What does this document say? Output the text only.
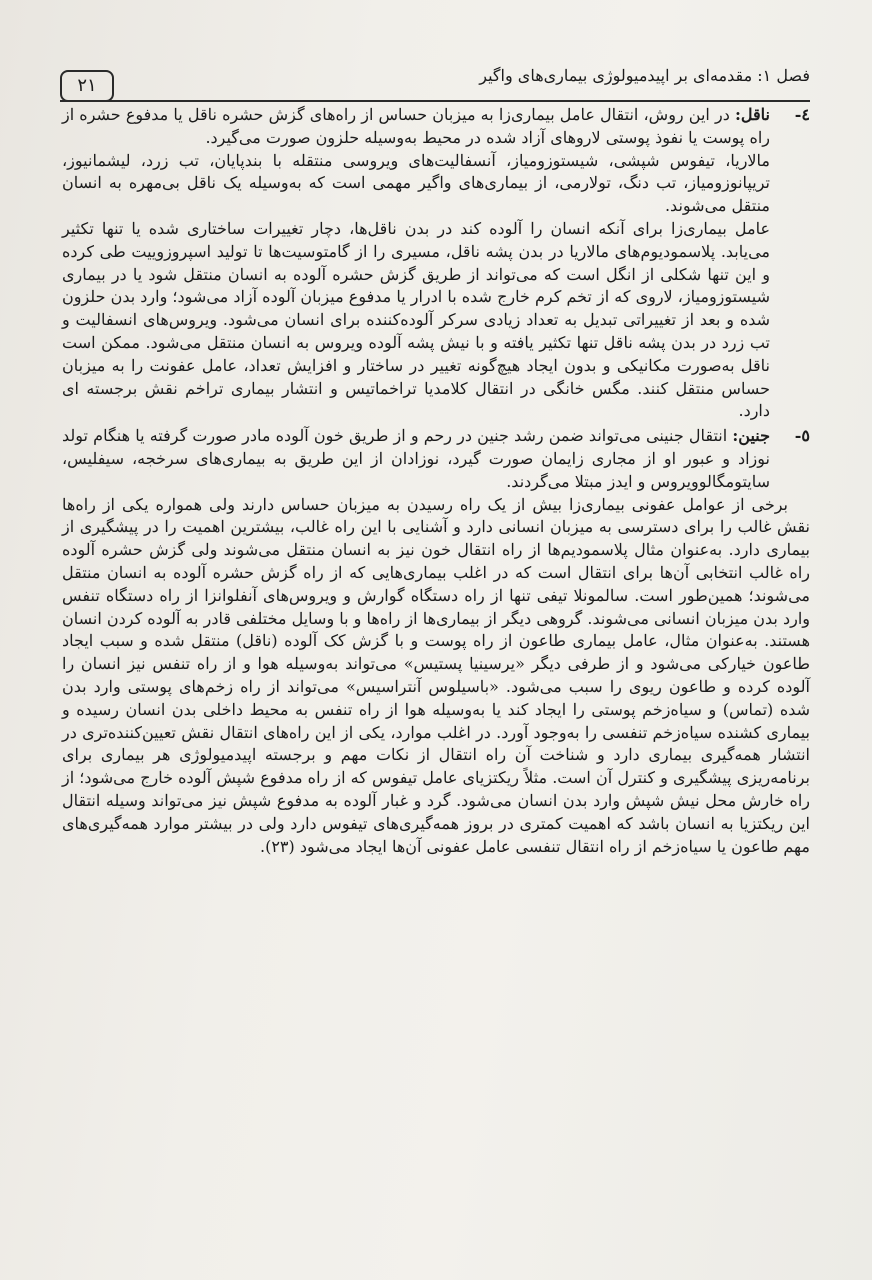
۲۱	فصل ۱: مقدمه‌ای بر اپیدمیولوژی بیماری‌های واگیر
٤-

ناقل: در این روش، انتقال عامل بیماری‌زا به میزبان حساس از راه‌های گزش حشره ناقل یا مدفوع حشره از راه پوست یا نفوذ پوستی لاروهای آزاد شده در محیط به‌وسیله حلزون صورت می‌گیرد.

مالاریا، تیفوس شپشی، شیستوزومیاز، آنسفالیت‌های ویروسی منتقله با بندپایان، تب زرد، لیشمانیوز، تریپانوزومیاز، تب دنگ، تولارمی، از بیماری‌های واگیر مهمی است که به‌وسیله یک ناقل بی‌مهره به انسان منتقل می‌شوند.

عامل بیماری‌زا برای آنکه انسان را آلوده کند در بدن ناقل‌ها، دچار تغییرات ساختاری شده یا تنها تکثیر می‌یابد. پلاسمودیوم‌های مالاریا در بدن پشه ناقل، مسیری را از گامتوسیت‌ها تا تولید اسپروزوییت طی کرده و این تنها شکلی از انگل است که می‌تواند از طریق گزش حشره آلوده به انسان منتقل شود یا در بیماری شیستوزومیاز، لاروی که از تخم کرم خارج شده با ادرار یا مدفوع میزبان آلوده آزاد می‌شود؛ وارد بدن حلزون شده و بعد از تغییراتی تبدیل به تعداد زیادی سرکر آلوده‌کننده برای انسان می‌شود. ویروس‌های انسفالیت و تب زرد در بدن پشه ناقل تنها تکثیر یافته و با نیش پشه آلوده ویروس به انسان منتقل می‌شود. ممکن است ناقل به‌صورت مکانیکی و بدون ایجاد هیچ‌گونه تغییر در ساختار و افزایش تعداد، عامل عفونت را به میزبان حساس منتقل کنند. مگس خانگی در انتقال کلامدیا تراخماتیس و انتشار بیماری تراخم نقش برجسته ای دارد.

٥-

جنین: انتقال جنینی می‌تواند ضمن رشد جنین در رحم و از طریق خون آلوده مادر صورت گرفته یا هنگام تولد نوزاد و عبور او از مجاری زایمان صورت گیرد، نوزادان از این طریق به بیماری‌های سرخجه، سیفلیس، سایتومگالوویروس و ایدز مبتلا می‌گردند.

برخی از عوامل عفونی بیماری‌زا بیش از یک راه رسیدن به میزبان حساس دارند ولی همواره یکی از راه‌ها نقش غالب را برای دسترسی به میزبان انسانی دارد و آشنایی با این راه غالب، بیشترین اهمیت را در پیشگیری از بیماری دارد. به‌عنوان مثال پلاسمودیم‌ها از راه انتقال خون نیز به انسان منتقل می‌شوند ولی گزش حشره آلوده راه غالب انتخابی آن‌ها برای انتقال است که در اغلب بیماری‌هایی که از راه گزش حشره آلوده به انسان منتقل می‌شوند؛ همین‌طور است. سالمونلا تیفی تنها از راه دستگاه گوارش و ویروس‌های آنفلوانزا از راه دستگاه تنفس وارد بدن میزبان انسانی می‌شوند. گروهی دیگر از بیماری‌ها از راه‌ها و با وسایل مختلفی قادر به آلوده کردن انسان هستند. به‌عنوان مثال، عامل بیماری طاعون از راه پوست و با گزش کک آلوده (ناقل) منتقل شده و سبب ایجاد طاعون خیارکی می‌شود و از طرفی دیگر «یرسینیا پستیس» می‌تواند به‌وسیله هوا و از راه تنفس نیز انسان را آلوده کرده و طاعون ریوی را سبب می‌شود. «باسیلوس آنتراسیس» می‌تواند از راه زخم‌های پوستی وارد بدن شده (تماس) و سیاه‌زخم پوستی را ایجاد کند یا به‌وسیله هوا از راه تنفس به محیط داخلی بدن انسان رسیده و بیماری کشنده سیاه‌زخم تنفسی را به‌وجود آورد. در اغلب موارد، یکی از این راه‌های انتقال نقش تعیین‌کننده‌تری در انتشار همه‌گیری بیماری دارد و شناخت آن راه انتقال از نکات مهم و برجسته اپیدمیولوژی هر بیماری برای برنامه‌ریزی پیشگیری و کنترل آن است. مثلاً ریکتزیای عامل تیفوس که از راه مدفوع شپش آلوده خارج می‌شود؛ از راه خارش محل نیش شپش وارد بدن انسان می‌شود. گرد و غبار آلوده به مدفوع شپش نیز می‌تواند وسیله انتقال این ریکتزیا به انسان باشد که اهمیت کمتری در بروز همه‌گیری‌های تیفوس دارد ولی در بیشتر موارد همه‌گیری‌های مهم طاعون یا سیاه‌زخم از راه انتقال تنفسی عامل عفونی آن‌ها ایجاد می‌شود (۲۳).
